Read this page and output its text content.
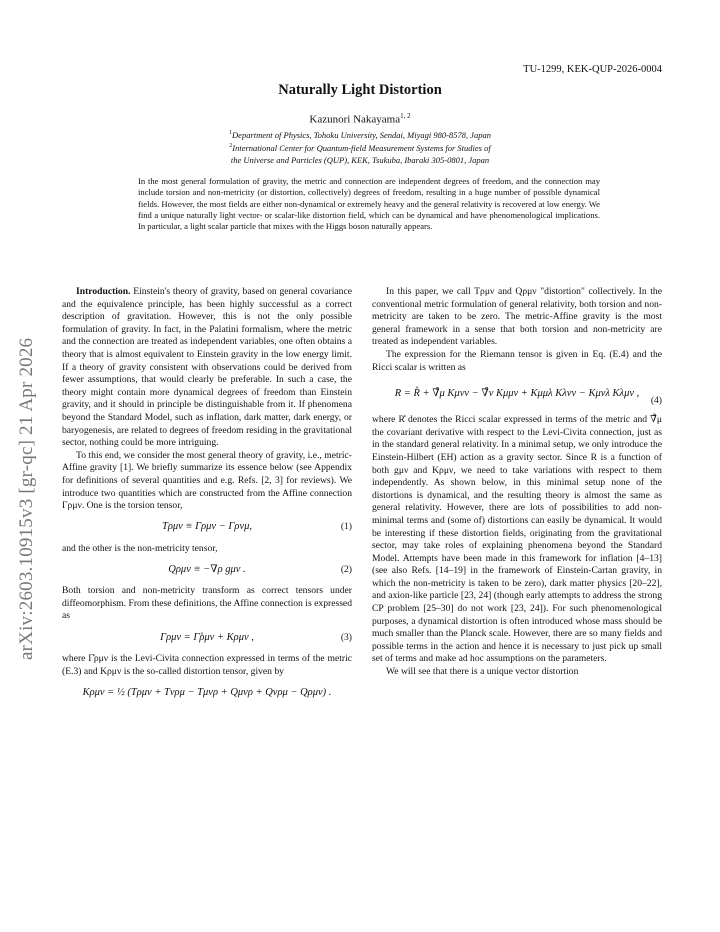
TU-1299, KEK-QUP-2026-0004
arXiv:2603.10915v3 [gr-qc] 21 Apr 2026
Naturally Light Distortion
Kazunori Nakayama$^{1, 2}$
$^1$Department of Physics, Tohoku University, Sendai, Miyagi 980-8578, Japan
$^2$International Center for Quantum-field Measurement Systems for Studies of
the Universe and Particles (QUP), KEK, Tsukuba, Ibaraki 305-0801, Japan
In the most general formulation of gravity, the metric and connection are independent degrees of freedom, and the connection may include torsion and non-metricity (or distortion, collectively) degrees of freedom, resulting in a huge number of possible dynamical fields. However, the most fields are either non-dynamical or extremely heavy and the general relativity is recovered at low energy. We find a unique naturally light vector- or scalar-like distortion field, which can be dynamical and have phenomenological implications. In particular, a light scalar particle that mixes with the Higgs boson naturally appears.

Introduction. Einstein's theory of gravity, based on general covariance and the equivalence principle, has been highly successful as a correct description of gravitation. However, this is not the only possible formulation of gravity. In fact, in the Palatini formalism, where the metric and the connection are treated as independent variables, one often obtains a theory that is almost equivalent to Einstein gravity in the low energy limit. If a theory of gravity consistent with observations could be derived from fewer assumptions, that would clearly be preferable. In such a case, the theory might contain more dynamical degrees of freedom than Einstein gravity, and it should in principle be distinguishable from it. If phenomena beyond the Standard Model, such as inflation, dark matter, dark energy, or baryogenesis, are related to degrees of freedom residing in the gravitational sector, nothing could be more intriguing.

To this end, we consider the most general theory of gravity, i.e., metric-Affine gravity [1]. We briefly summarize its essence below (see Appendix for definitions of several quantities and e.g. Refs. [2, 3] for reviews). We introduce two quantities which are constructed from the Affine connection Γρμν. One is the torsion tensor,

Tρμν ≡ Γρμν − Γρνμ,	(1)

and the other is the non-metricity tensor,

Qρμν ≡ −∇ρ gμν .	(2)

Both torsion and non-metricity transform as correct tensors under diffeomorphism. From these definitions, the Affine connection is expressed as

Γρμν = Γ̊ρμν + Kρμν ,	(3)

where Γ̊ρμν is the Levi-Civita connection expressed in terms of the metric (E.3) and Kρμν is the so-called distortion tensor, given by

Kρμν = ½ (Tρμν + Tνρμ − Tμνρ + Qμνρ + Qνρμ − Qρμν) .

In this paper, we call Tρμν and Qρμν "distortion" collectively. In the conventional metric formulation of general relativity, both torsion and non-metricity are taken to be zero. The metric-Affine gravity is the most general framework in a sense that both torsion and non-metricity are treated as independent variables.

The expression for the Riemann tensor is given in Eq. (E.4) and the Ricci scalar is written as

R = R̊ + ∇̊μ Kμνν − ∇̊ν Kμμν + Kμμλ Kλνν − Kμνλ Kλμν ,
(4)

where R̊ denotes the Ricci scalar expressed in terms of the metric and ∇̊μ the covariant derivative with respect to the Levi-Civita connection, just as in the standard general relativity. In a minimal setup, we only introduce the Einstein-Hilbert (EH) action as a gravity sector. Since R is a function of both gμν and Kρμν, we need to take variations with respect to them independently. As shown below, in this minimal setup none of the distortions is dynamical, and the resulting theory is almost the same as general relativity. However, there are lots of possibilities to add non-minimal terms and (some of) distortions can easily be dynamical. It would be interesting if these distortion fields, originating from the gravitational sector, may take roles of explaining phenomena beyond the Standard Model. Attempts have been made in this framework for inflation [4–13] (see also Refs. [14–19] in the framework of Einstein-Cartan gravity, in which the non-metricity is taken to be zero), dark matter physics [20–22], and axion-like particle [23, 24] (though early attempts to address the strong CP problem [25–30] do not work [23, 24]). For such phenomenological purposes, a dynamical distortion is often introduced whose mass should be much smaller than the Planck scale. However, there are so many fields and possible terms in the action and hence it is necessary to just pick up small set of terms and make ad hoc assumptions on the parameters.

We will see that there is a unique vector distortion
